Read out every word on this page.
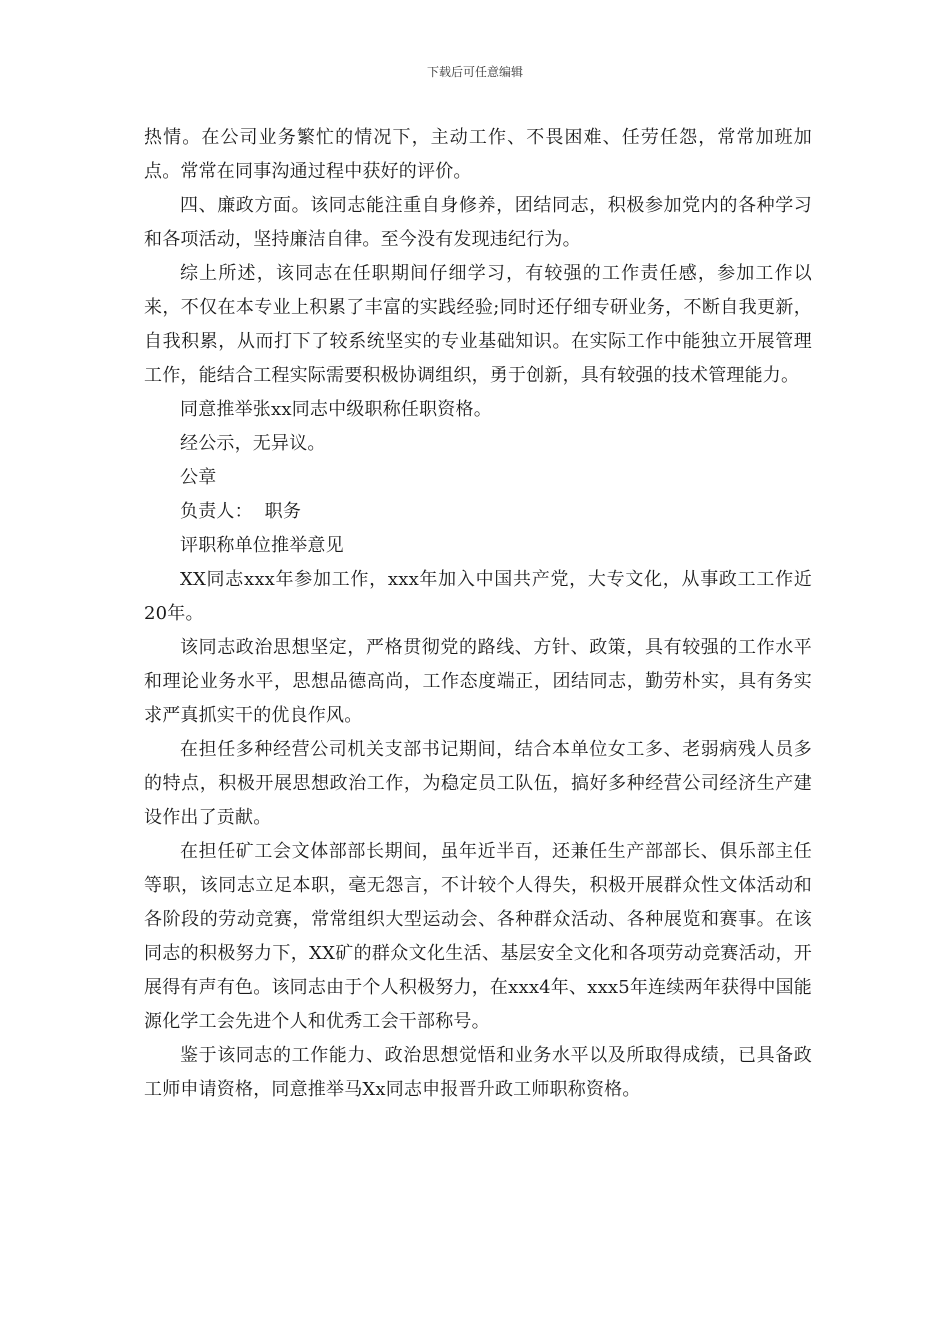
下载后可任意编辑

热情。在公司业务繁忙的情况下，主动工作、不畏困难、任劳任怨，常常加班加点。常常在同事沟通过程中获好的评价。

四、廉政方面。该同志能注重自身修养，团结同志，积极参加党内的各种学习和各项活动，坚持廉洁自律。至今没有发现违纪行为。

综上所述，该同志在任职期间仔细学习，有较强的工作责任感，参加工作以来，不仅在本专业上积累了丰富的实践经验;同时还仔细专研业务，不断自我更新，自我积累，从而打下了较系统坚实的专业基础知识。在实际工作中能独立开展管理工作，能结合工程实际需要积极协调组织，勇于创新，具有较强的技术管理能力。

同意推举张xx同志中级职称任职资格。

经公示，无异议。

公章

负责人：  职务

评职称单位推举意见

XX同志xxx年参加工作，xxx年加入中国共产党，大专文化，从事政工工作近20年。

该同志政治思想坚定，严格贯彻党的路线、方针、政策，具有较强的工作水平和理论业务水平，思想品德高尚，工作态度端正，团结同志，勤劳朴实，具有务实求严真抓实干的优良作风。

在担任多种经营公司机关支部书记期间，结合本单位女工多、老弱病残人员多的特点，积极开展思想政治工作，为稳定员工队伍，搞好多种经营公司经济生产建设作出了贡献。

在担任矿工会文体部部长期间，虽年近半百，还兼任生产部部长、俱乐部主任等职，该同志立足本职，毫无怨言，不计较个人得失，积极开展群众性文体活动和各阶段的劳动竞赛，常常组织大型运动会、各种群众活动、各种展览和赛事。在该同志的积极努力下，XX矿的群众文化生活、基层安全文化和各项劳动竞赛活动，开展得有声有色。该同志由于个人积极努力，在xxx4年、xxx5年连续两年获得中国能源化学工会先进个人和优秀工会干部称号。

鉴于该同志的工作能力、政治思想觉悟和业务水平以及所取得成绩，已具备政工师申请资格，同意推举马Xx同志申报晋升政工师职称资格。
